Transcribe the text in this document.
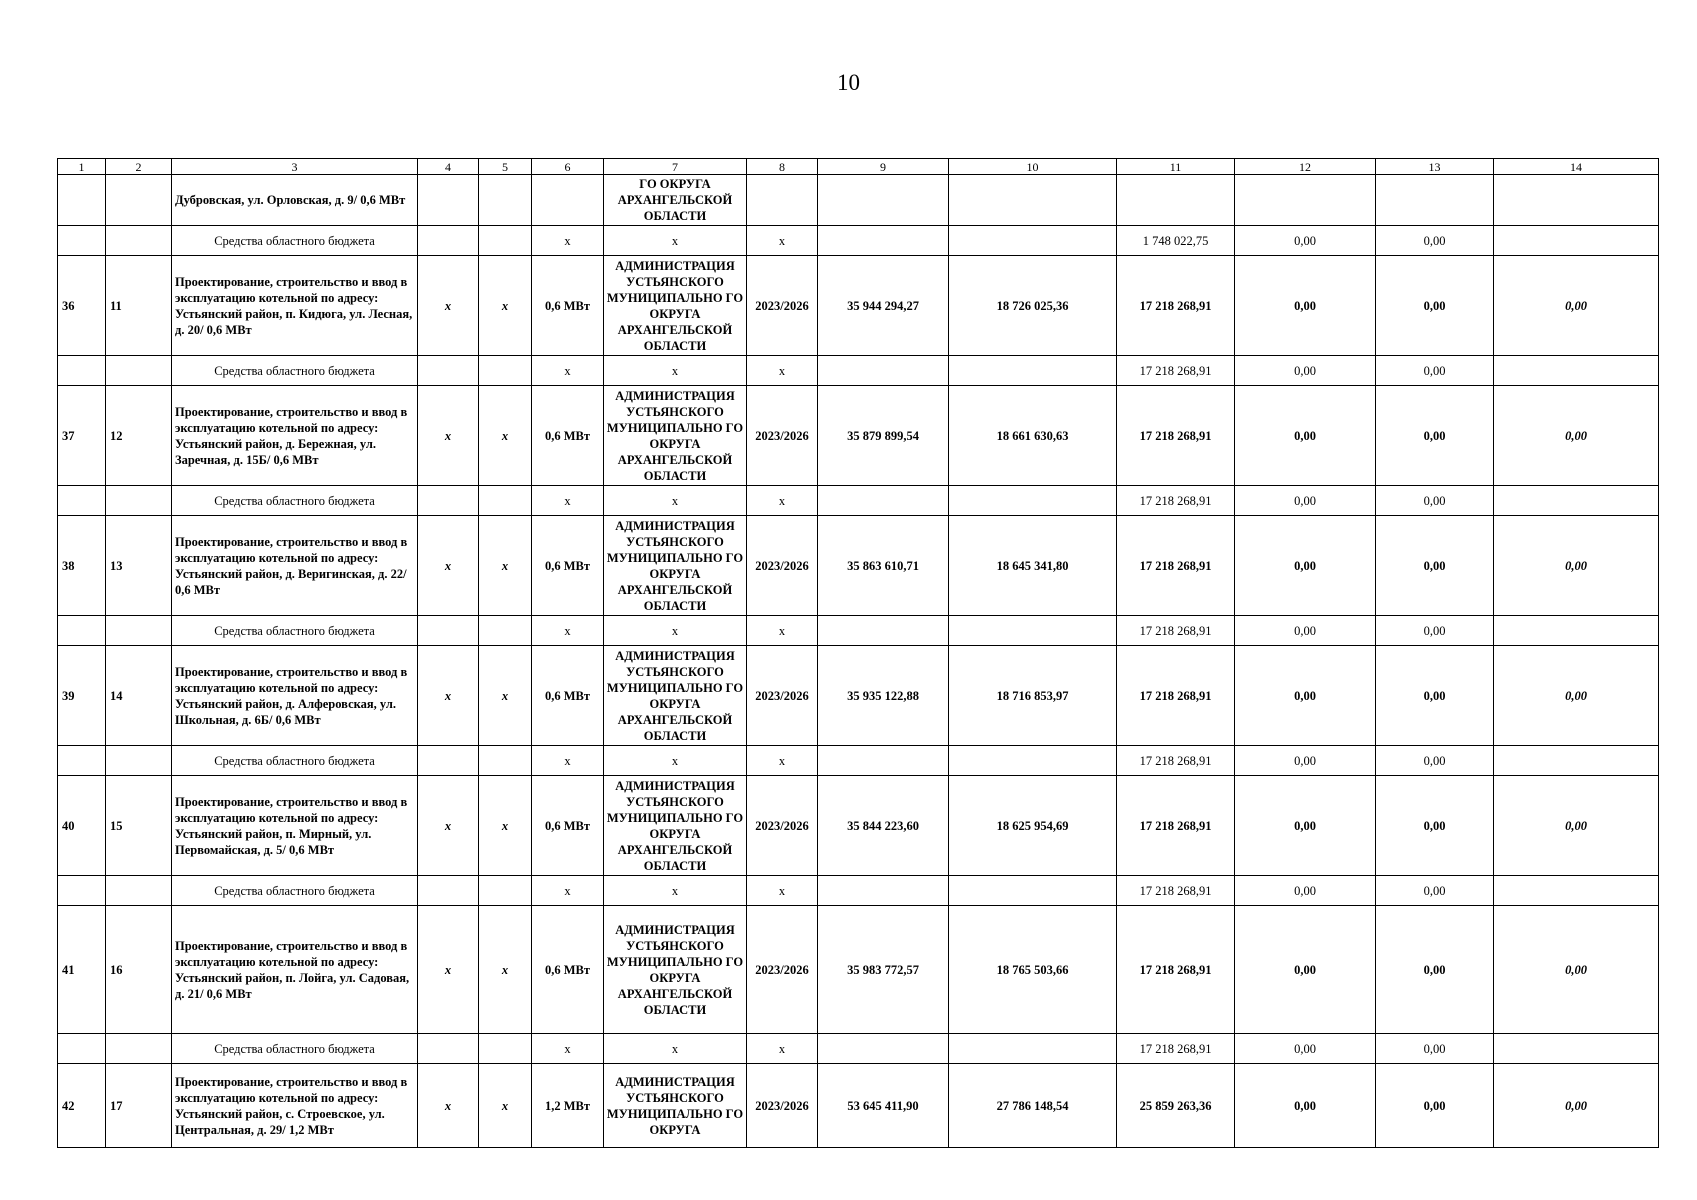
10
1	2	3	4	5	6	7	8	9	10	11	12	13	14
		Дубровская, ул. Орловская, д. 9/ 0,6 МВт				ГО ОКРУГА АРХАНГЕЛЬСКОЙ ОБЛАСТИ							
		Средства областного бюджета			x	x	x			1 748 022,75	0,00	0,00	
36	11	Проектирование, строительство и ввод в эксплуатацию котельной по адресу: Устьянский район, п. Кидюга, ул. Лесная, д. 20/ 0,6 МВт	x	x	0,6 МВт	АДМИНИСТРАЦИЯ УСТЬЯНСКОГО МУНИЦИПАЛЬНО ГО ОКРУГА АРХАНГЕЛЬСКОЙ ОБЛАСТИ	2023/2026	35 944 294,27	18 726 025,36	17 218 268,91	0,00	0,00	0,00
		Средства областного бюджета			x	x	x			17 218 268,91	0,00	0,00	
37	12	Проектирование, строительство и ввод в эксплуатацию котельной по адресу: Устьянский район, д. Бережная, ул. Заречная, д. 15Б/ 0,6 МВт	x	x	0,6 МВт	АДМИНИСТРАЦИЯ УСТЬЯНСКОГО МУНИЦИПАЛЬНО ГО ОКРУГА АРХАНГЕЛЬСКОЙ ОБЛАСТИ	2023/2026	35 879 899,54	18 661 630,63	17 218 268,91	0,00	0,00	0,00
		Средства областного бюджета			x	x	x			17 218 268,91	0,00	0,00	
38	13	Проектирование, строительство и ввод в эксплуатацию котельной по адресу: Устьянский район, д. Веригинская, д. 22/ 0,6 МВт	x	x	0,6 МВт	АДМИНИСТРАЦИЯ УСТЬЯНСКОГО МУНИЦИПАЛЬНО ГО ОКРУГА АРХАНГЕЛЬСКОЙ ОБЛАСТИ	2023/2026	35 863 610,71	18 645 341,80	17 218 268,91	0,00	0,00	0,00
		Средства областного бюджета			x	x	x			17 218 268,91	0,00	0,00	
39	14	Проектирование, строительство и ввод в эксплуатацию котельной по адресу: Устьянский район, д. Алферовская, ул. Школьная, д. 6Б/ 0,6 МВт	x	x	0,6 МВт	АДМИНИСТРАЦИЯ УСТЬЯНСКОГО МУНИЦИПАЛЬНО ГО ОКРУГА АРХАНГЕЛЬСКОЙ ОБЛАСТИ	2023/2026	35 935 122,88	18 716 853,97	17 218 268,91	0,00	0,00	0,00
		Средства областного бюджета			x	x	x			17 218 268,91	0,00	0,00	
40	15	Проектирование, строительство и ввод в эксплуатацию котельной по адресу: Устьянский район, п. Мирный, ул. Первомайская, д. 5/ 0,6 МВт	x	x	0,6 МВт	АДМИНИСТРАЦИЯ УСТЬЯНСКОГО МУНИЦИПАЛЬНО ГО ОКРУГА АРХАНГЕЛЬСКОЙ ОБЛАСТИ	2023/2026	35 844 223,60	18 625 954,69	17 218 268,91	0,00	0,00	0,00
		Средства областного бюджета			x	x	x			17 218 268,91	0,00	0,00	
41	16	Проектирование, строительство и ввод в эксплуатацию котельной по адресу: Устьянский район, п. Лойга, ул. Садовая, д. 21/ 0,6 МВт	x	x	0,6 МВт	АДМИНИСТРАЦИЯ УСТЬЯНСКОГО МУНИЦИПАЛЬНО ГО ОКРУГА АРХАНГЕЛЬСКОЙ ОБЛАСТИ	2023/2026	35 983 772,57	18 765 503,66	17 218 268,91	0,00	0,00	0,00
		Средства областного бюджета			x	x	x			17 218 268,91	0,00	0,00	
42	17	Проектирование, строительство и ввод в эксплуатацию котельной по адресу: Устьянский район, с. Строевское, ул. Центральная, д. 29/ 1,2 МВт	x	x	1,2 МВт	АДМИНИСТРАЦИЯ УСТЬЯНСКОГО МУНИЦИПАЛЬНО ГО ОКРУГА	2023/2026	53 645 411,90	27 786 148,54	25 859 263,36	0,00	0,00	0,00
